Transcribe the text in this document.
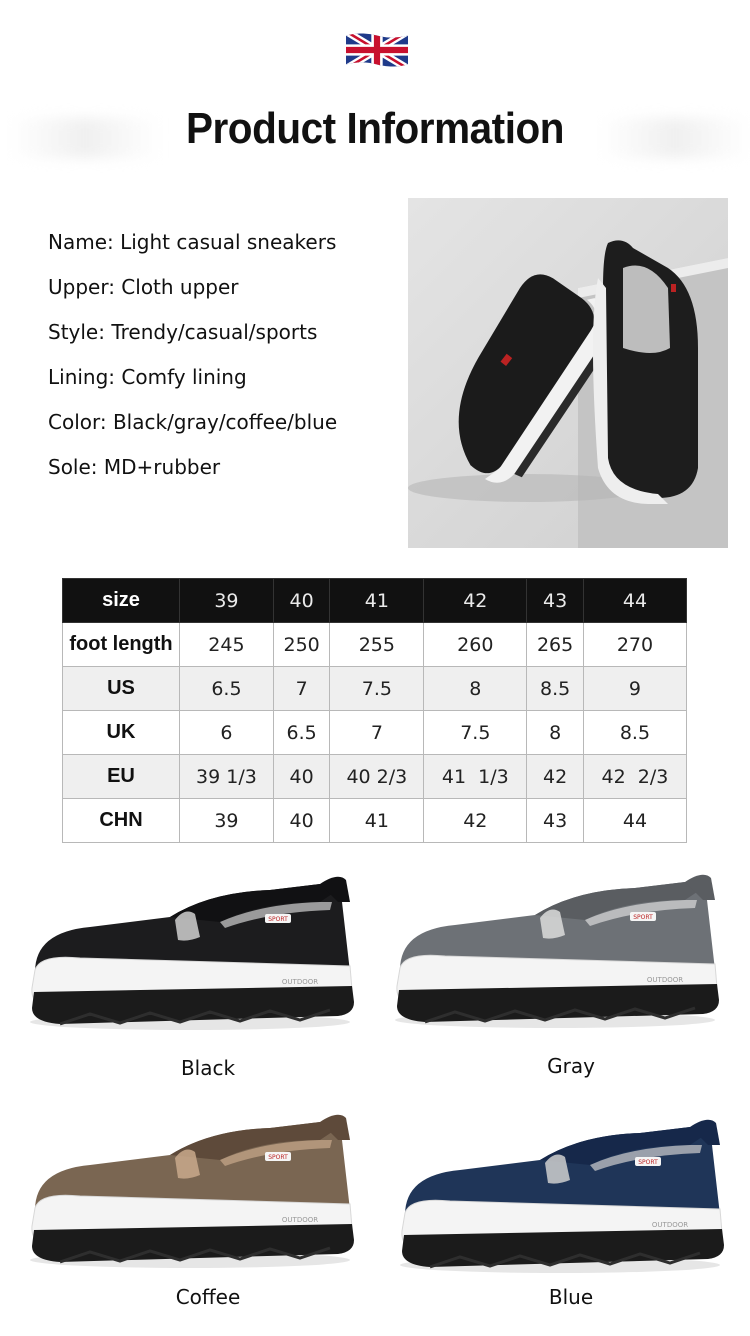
Product Information
Name: Light casual sneakers
Upper: Cloth upper
Style: Trendy/casual/sports
Lining: Comfy lining
Color: Black/gray/coffee/blue
Sole: MD+rubber
size	39	40	41	42	43	44
foot length	245	250	255	260	265	270
US	6.5	7	7.5	8	8.5	9
UK	6	6.5	7	7.5	8	8.5
EU	39 1/3	40	40 2/3	41  1/3	42	42  2/3
CHN	39	40	41	42	43	44
SPORT
OUTDOOR
Black
SPORT
OUTDOOR
Gray
SPORT
OUTDOOR
Coffee
SPORT
OUTDOOR
Blue
